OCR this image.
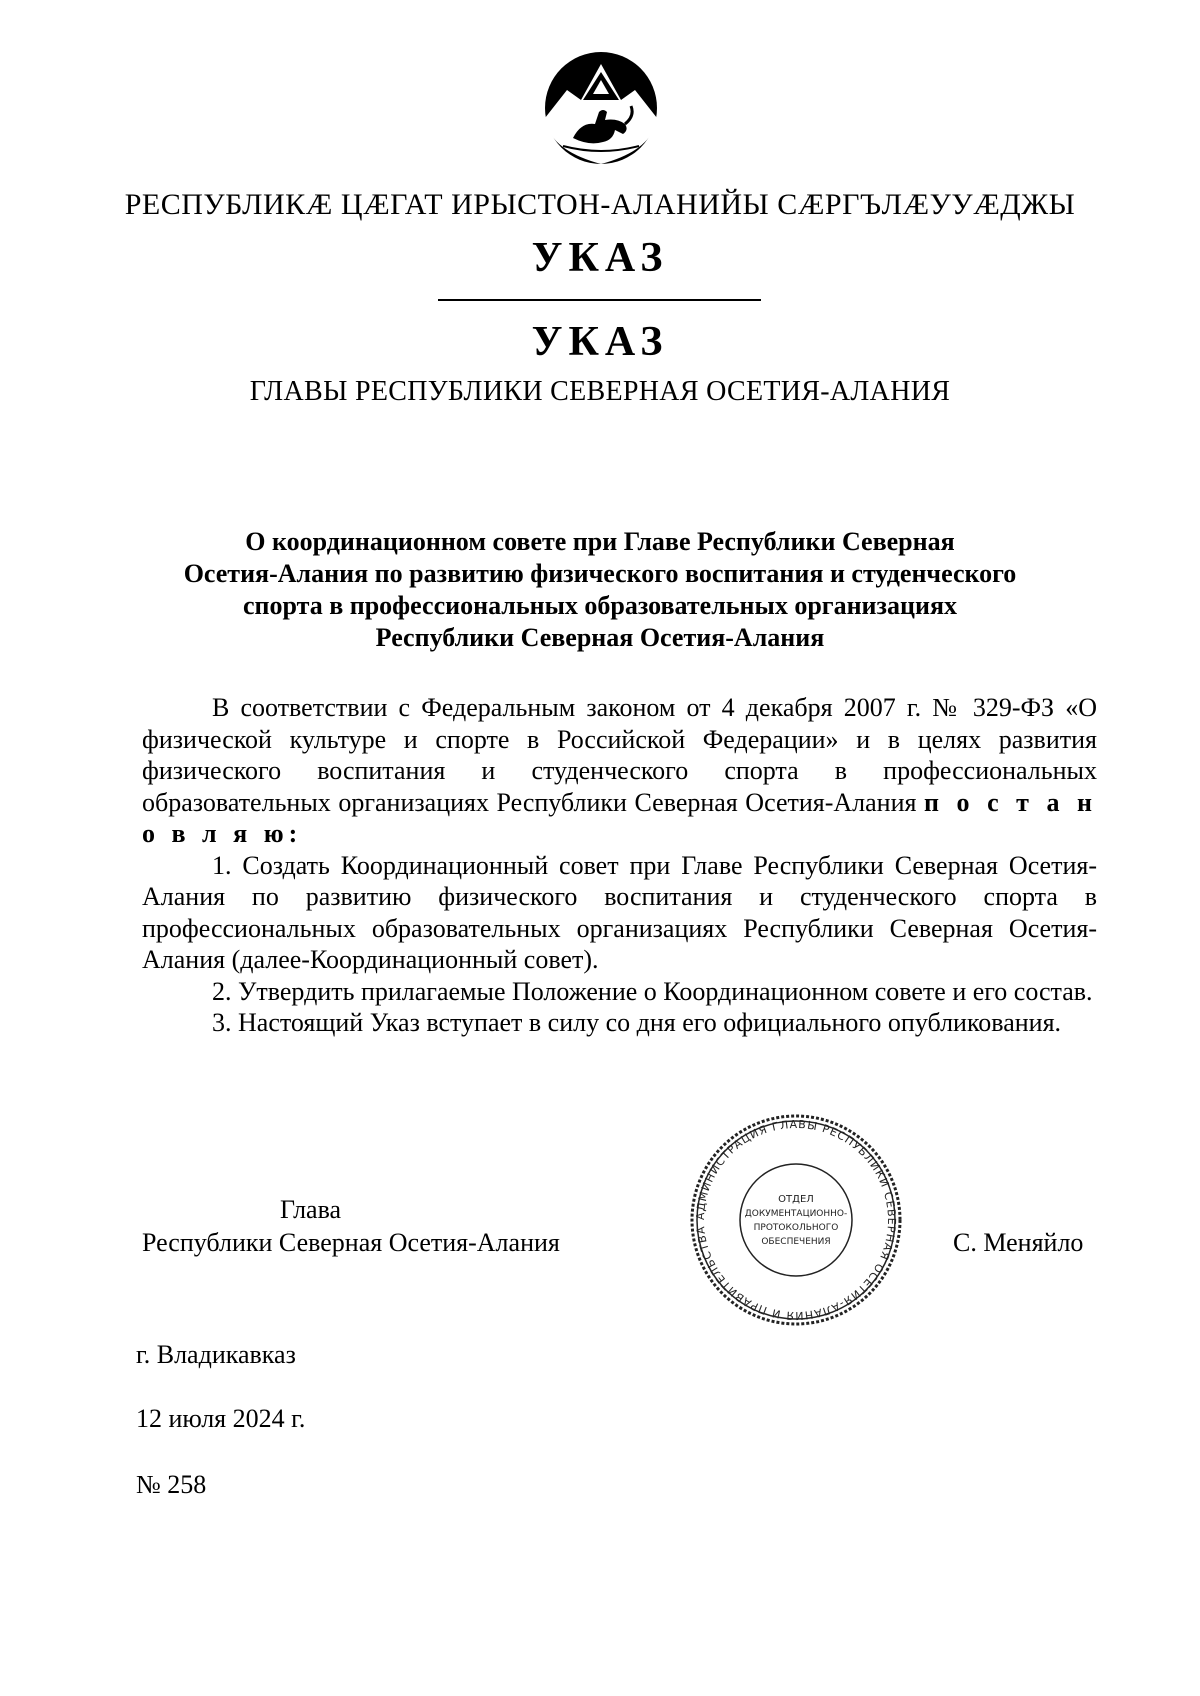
РЕСПУБЛИКÆ ЦÆГАТ ИРЫСТОН-АЛАНИЙЫ СÆРГЪЛÆУУÆДЖЫ
УКАЗ
УКАЗ
ГЛАВЫ РЕСПУБЛИКИ СЕВЕРНАЯ ОСЕТИЯ-АЛАНИЯ
О координационном совете при Главе Республики Северная
Осетия-Алания по развитию физического воспитания и студенческого
спорта в профессиональных образовательных организациях
Республики Северная Осетия-Алания

В соответствии с Федеральным законом от 4 декабря 2007 г. № 329-ФЗ «О физической культуре и спорте в Российской Федерации» и в целях развития физического воспитания и студенческого спорта в профессиональных образовательных организациях Республики Северная Осетия-Алания п о с т а н о в л я ю:

1. Создать Координационный совет при Главе Республики Северная Осетия-Алания по развитию физического воспитания и студенческого спорта в профессиональных образовательных организациях Республики Северная Осетия-Алания (далее-Координационный совет).

2. Утвердить прилагаемые Положение о Координационном совете и его состав.

3. Настоящий Указ вступает в силу со дня его официального опубликования.

Глава
Республики Северная Осетия-Алания	С. Меняйло
АДМИНИСТРАЦИЯ ГЛАВЫ РЕСПУБЛИКИ СЕВЕРНАЯ ОСЕТИЯ-АЛАНИЯ И ПРАВИТЕЛЬСТВА
ОТДЕЛ
ДОКУМЕНТАЦИОННО-
ПРОТОКОЛЬНОГО
ОБЕСПЕЧЕНИЯ
г. Владикавказ
12 июля 2024 г.
№ 258
